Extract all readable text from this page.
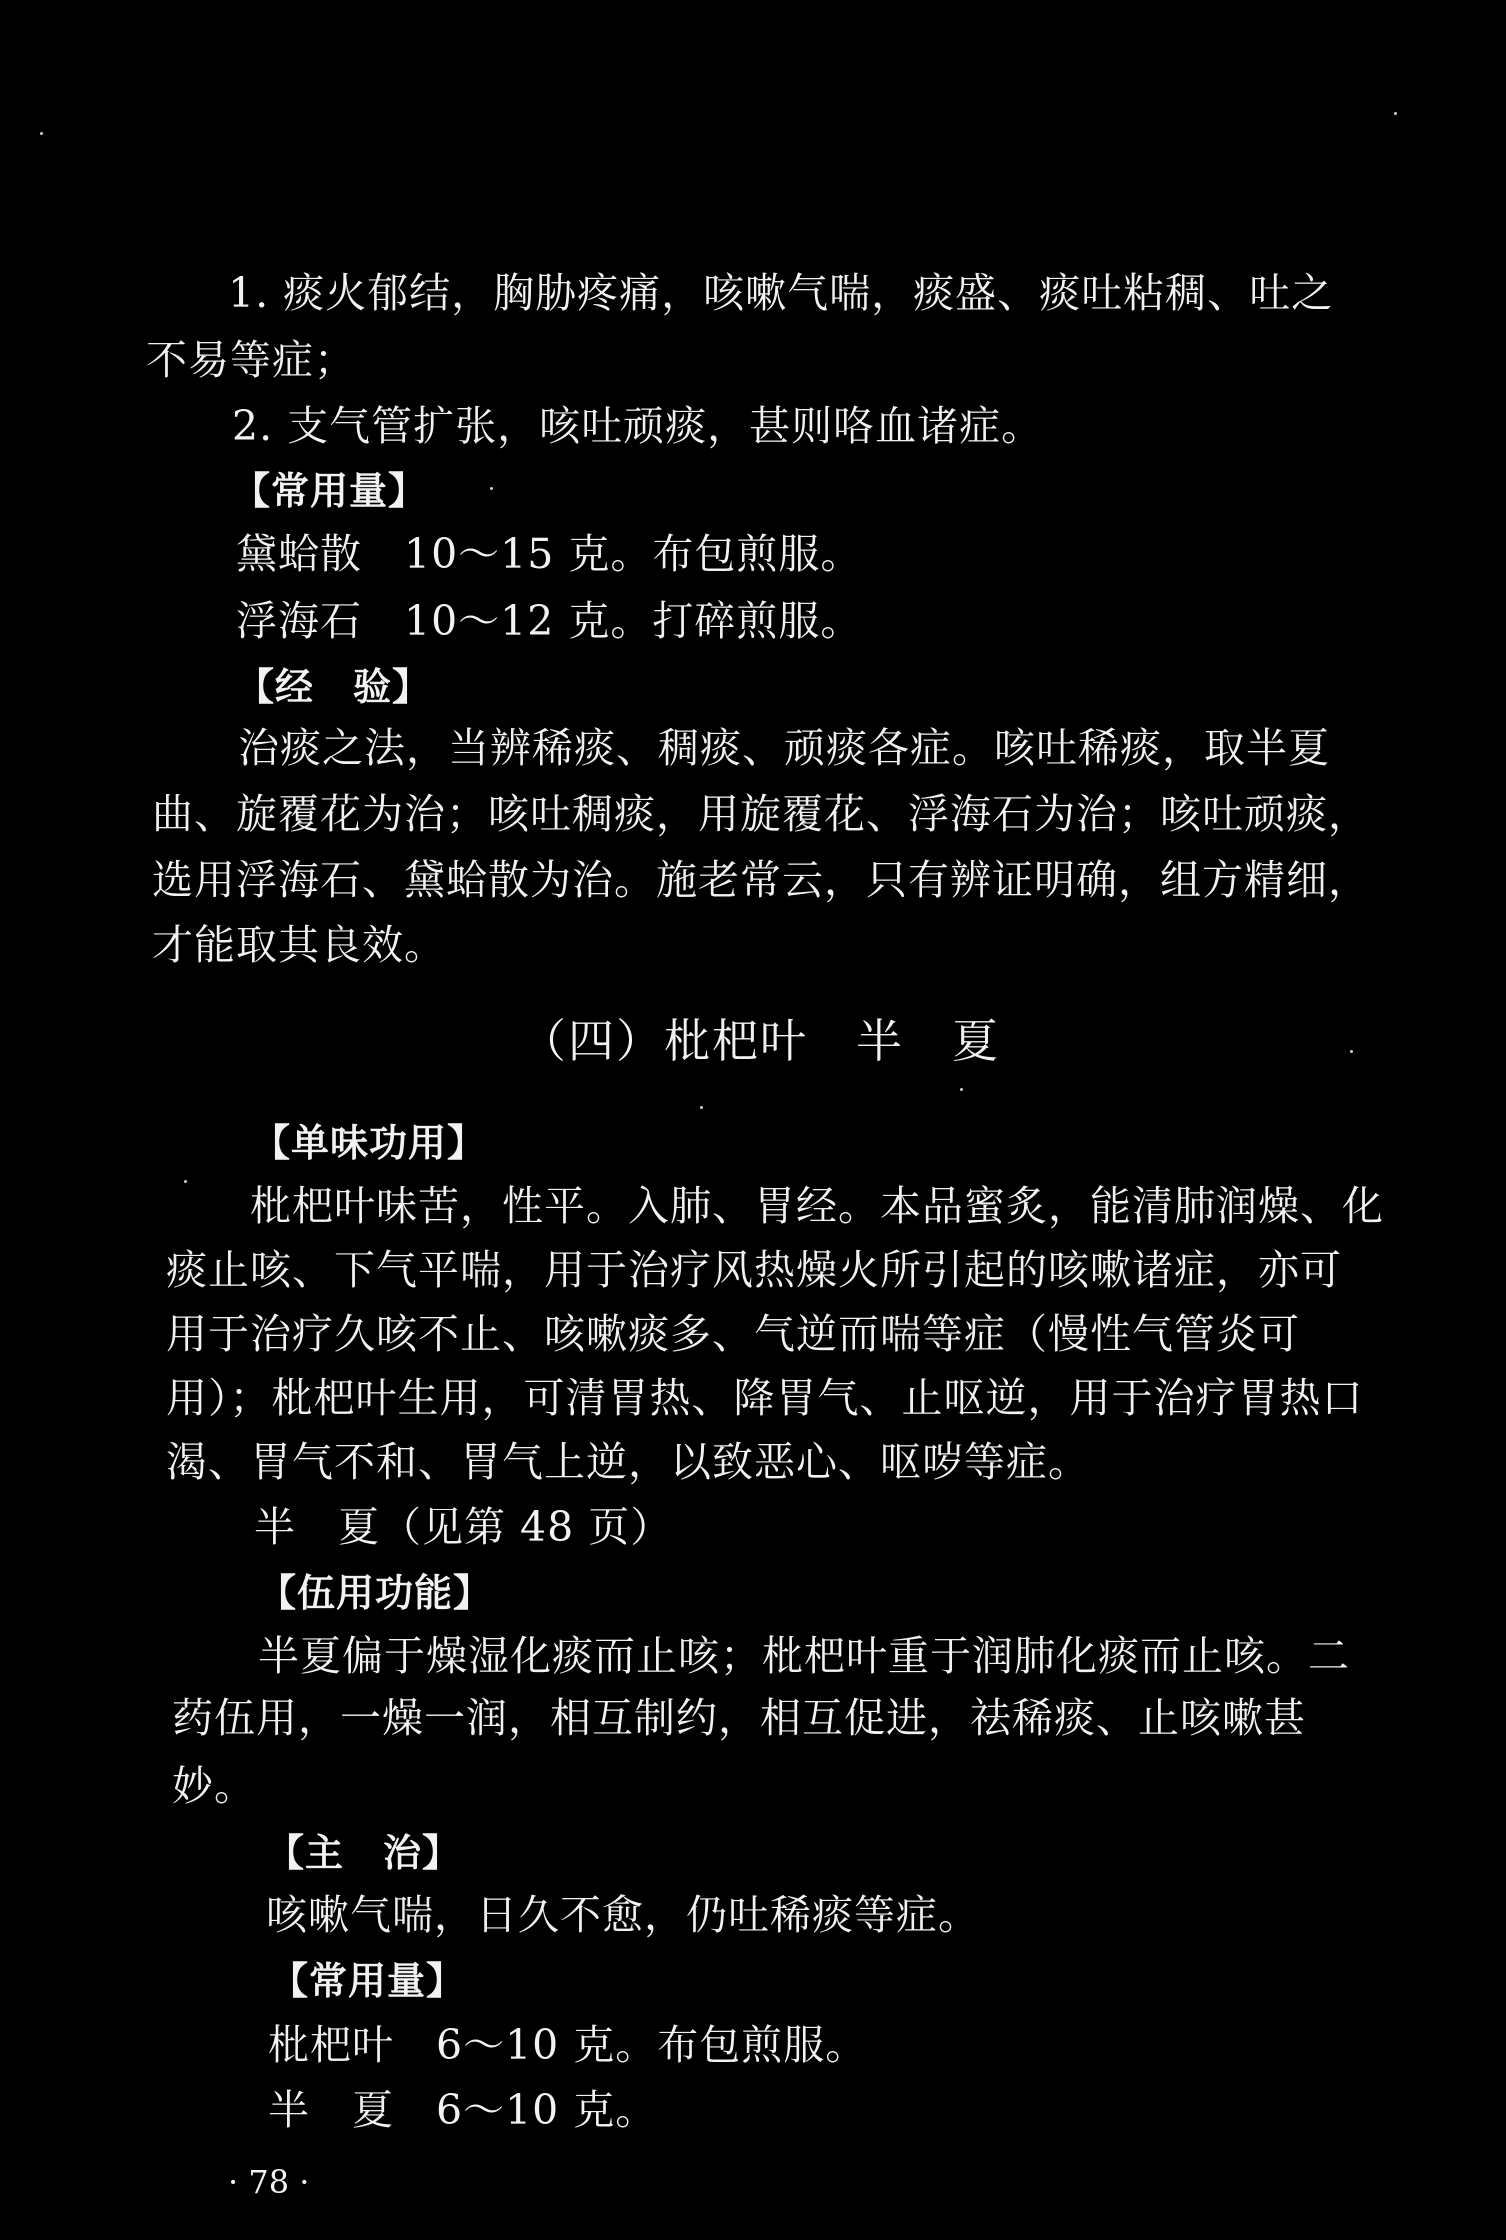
1. 痰火郁结，胸胁疼痛，咳嗽气喘，痰盛、痰吐粘稠、吐之
不易等症；
2. 支气管扩张，咳吐顽痰，甚则咯血诸症。
【常用量】
黛蛤散　10～15 克。布包煎服。
浮海石　10～12 克。打碎煎服。
【经　验】
治痰之法，当辨稀痰、稠痰、顽痰各症。咳吐稀痰，取半夏
曲、旋覆花为治；咳吐稠痰，用旋覆花、浮海石为治；咳吐顽痰，
选用浮海石、黛蛤散为治。施老常云，只有辨证明确，组方精细，
才能取其良效。
（四）枇杷叶　半　夏
【单味功用】
枇杷叶味苦，性平。入肺、胃经。本品蜜炙，能清肺润燥、化
痰止咳、下气平喘，用于治疗风热燥火所引起的咳嗽诸症，亦可
用于治疗久咳不止、咳嗽痰多、气逆而喘等症（慢性气管炎可
用）；枇杷叶生用，可清胃热、降胃气、止呕逆，用于治疗胃热口
渴、胃气不和、胃气上逆，以致恶心、呕哕等症。
半　夏（见第 48 页）
【伍用功能】
半夏偏于燥湿化痰而止咳；枇杷叶重于润肺化痰而止咳。二
药伍用，一燥一润，相互制约，相互促进，祛稀痰、止咳嗽甚
妙。
【主　治】
咳嗽气喘，日久不愈，仍吐稀痰等症。
【常用量】
枇杷叶　6～10 克。布包煎服。
半　夏　6～10 克。
· 78 ·
